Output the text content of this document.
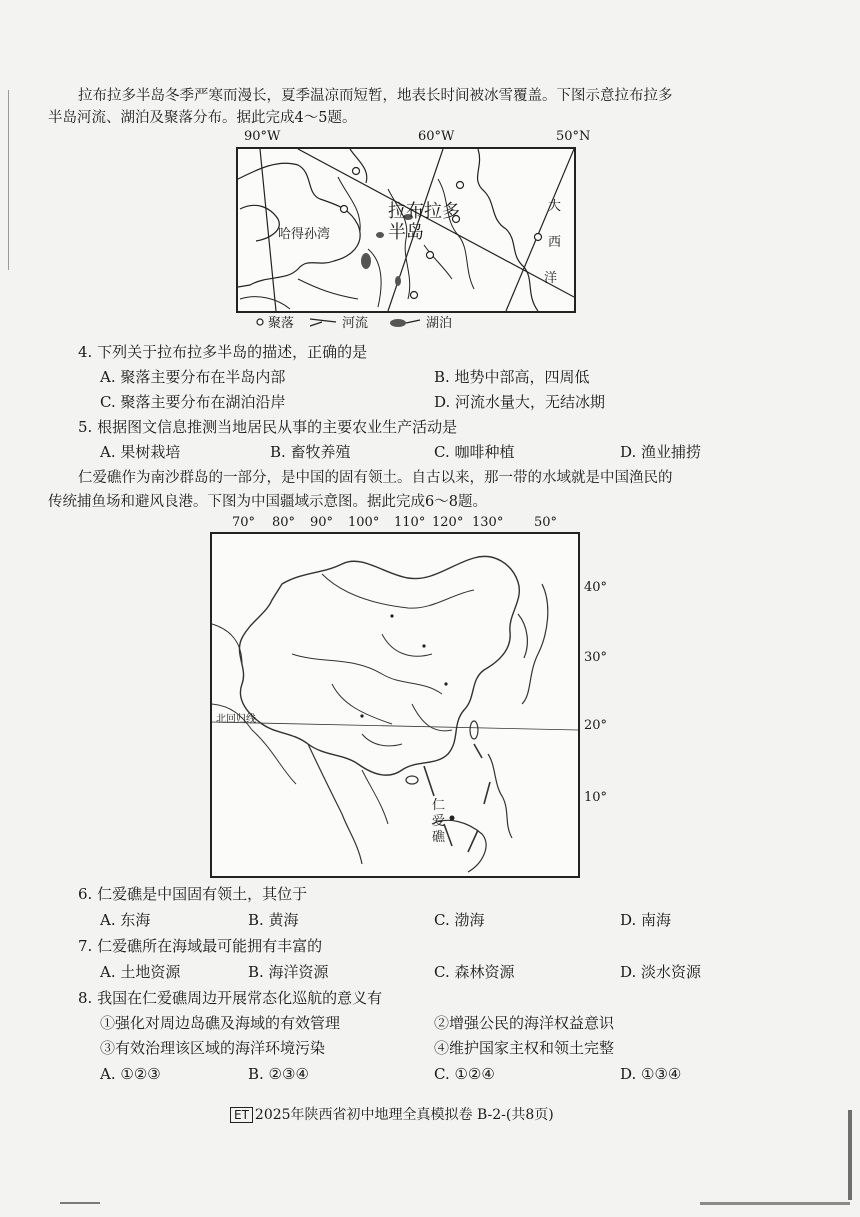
拉布拉多半岛冬季严寒而漫长，夏季温凉而短暂，地表长时间被冰雪覆盖。下图示意拉布拉多
半岛河流、湖泊及聚落分布。据此完成4～5题。
90°W	60°W	50°N
哈得孙湾
拉布拉多
半岛
大
西
洋
聚落	河流	湖泊
4. 下列关于拉布拉多半岛的描述，正确的是
A. 聚落主要分布在半岛内部	B. 地势中部高，四周低
C. 聚落主要分布在湖泊沿岸	D. 河流水量大，无结冰期
5. 根据图文信息推测当地居民从事的主要农业生产活动是
A. 果树栽培	B. 畜牧养殖	C. 咖啡种植	D. 渔业捕捞
仁爱礁作为南沙群岛的一部分，是中国的固有领土。自古以来，那一带的水域就是中国渔民的
传统捕鱼场和避风良港。下图为中国疆域示意图。据此完成6～8题。
70° 80° 90° 100° 110° 120° 130° 50°
北回归线
仁
爱
礁
40°
30°
20°
10°
6. 仁爱礁是中国固有领土，其位于
A. 东海	B. 黄海	C. 渤海	D. 南海
7. 仁爱礁所在海域最可能拥有丰富的
A. 土地资源	B. 海洋资源	C. 森林资源	D. 淡水资源
8. 我国在仁爱礁周边开展常态化巡航的意义有
①强化对周边岛礁及海域的有效管理	②增强公民的海洋权益意识
③有效治理该区域的海洋环境污染	④维护国家主权和领土完整
A. ①②③	B. ②③④	C. ①②④	D. ①③④
ET 2025年陕西省初中地理全真模拟卷 B-2-(共8页)
